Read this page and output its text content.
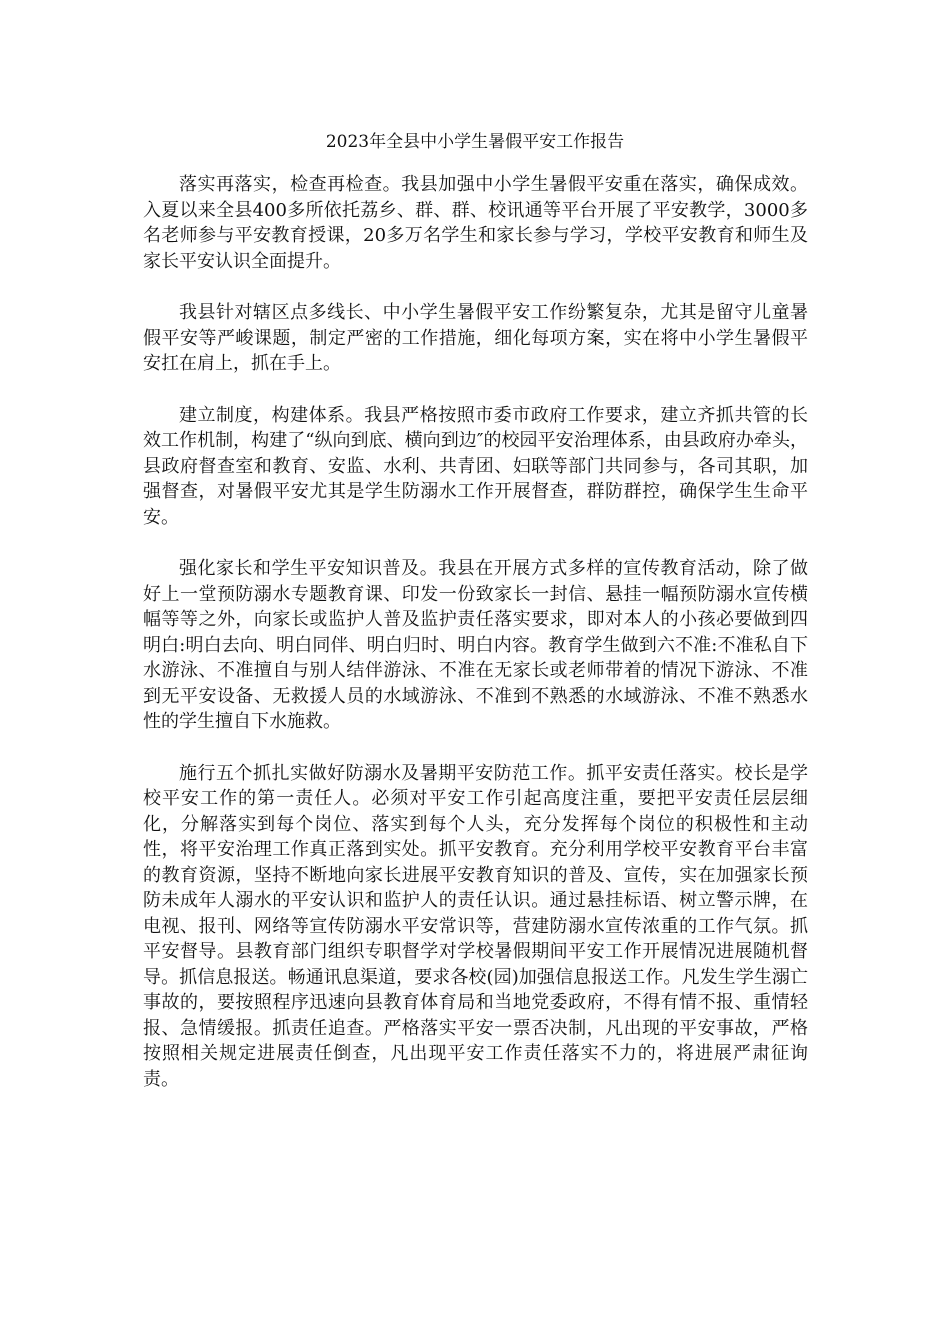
2023年全县中小学生暑假平安工作报告

落实再落实，检查再检查。我县加强中小学生暑假平安重在落实，确保成效。入夏以来全县400多所依托荔乡、群、群、校讯通等平台开展了平安教学，3000多名老师参与平安教育授课，20多万名学生和家长参与学习，学校平安教育和师生及家长平安认识全面提升。

我县针对辖区点多线长、中小学生暑假平安工作纷繁复杂，尤其是留守儿童暑假平安等严峻课题，制定严密的工作措施，细化每项方案，实在将中小学生暑假平安扛在肩上，抓在手上。

建立制度，构建体系。我县严格按照市委市政府工作要求，建立齐抓共管的长效工作机制，构建了“纵向到底、横向到边″的校园平安治理体系，由县政府办牵头，县政府督查室和教育、安监、水利、共青团、妇联等部门共同参与，各司其职，加强督查，对暑假平安尤其是学生防溺水工作开展督查，群防群控，确保学生生命平安。

强化家长和学生平安知识普及。我县在开展方式多样的宣传教育活动，除了做好上一堂预防溺水专题教育课、印发一份致家长一封信、悬挂一幅预防溺水宣传横幅等等之外，向家长或监护人普及监护责任落实要求，即对本人的小孩必要做到四明白:明白去向、明白同伴、明白归时、明白内容。教育学生做到六不准:不准私自下水游泳、不准擅自与别人结伴游泳、不准在无家长或老师带着的情况下游泳、不准到无平安设备、无救援人员的水域游泳、不准到不熟悉的水域游泳、不准不熟悉水性的学生擅自下水施救。

施行五个抓扎实做好防溺水及暑期平安防范工作。抓平安责任落实。校长是学校平安工作的第一责任人。必须对平安工作引起高度注重，要把平安责任层层细化，分解落实到每个岗位、落实到每个人头，充分发挥每个岗位的积极性和主动性，将平安治理工作真正落到实处。抓平安教育。充分利用学校平安教育平台丰富的教育资源，坚持不断地向家长进展平安教育知识的普及、宣传，实在加强家长预防未成年人溺水的平安认识和监护人的责任认识。通过悬挂标语、树立警示牌，在电视、报刊、网络等宣传防溺水平安常识等，营建防溺水宣传浓重的工作气氛。抓平安督导。县教育部门组织专职督学对学校暑假期间平安工作开展情况进展随机督导。抓信息报送。畅通讯息渠道，要求各校(园)加强信息报送工作。凡发生学生溺亡事故的，要按照程序迅速向县教育体育局和当地党委政府，不得有情不报、重情轻报、急情缓报。抓责任追查。严格落实平安一票否决制，凡出现的平安事故，严格按照相关规定进展责任倒查，凡出现平安工作责任落实不力的，将进展严肃征询责。
